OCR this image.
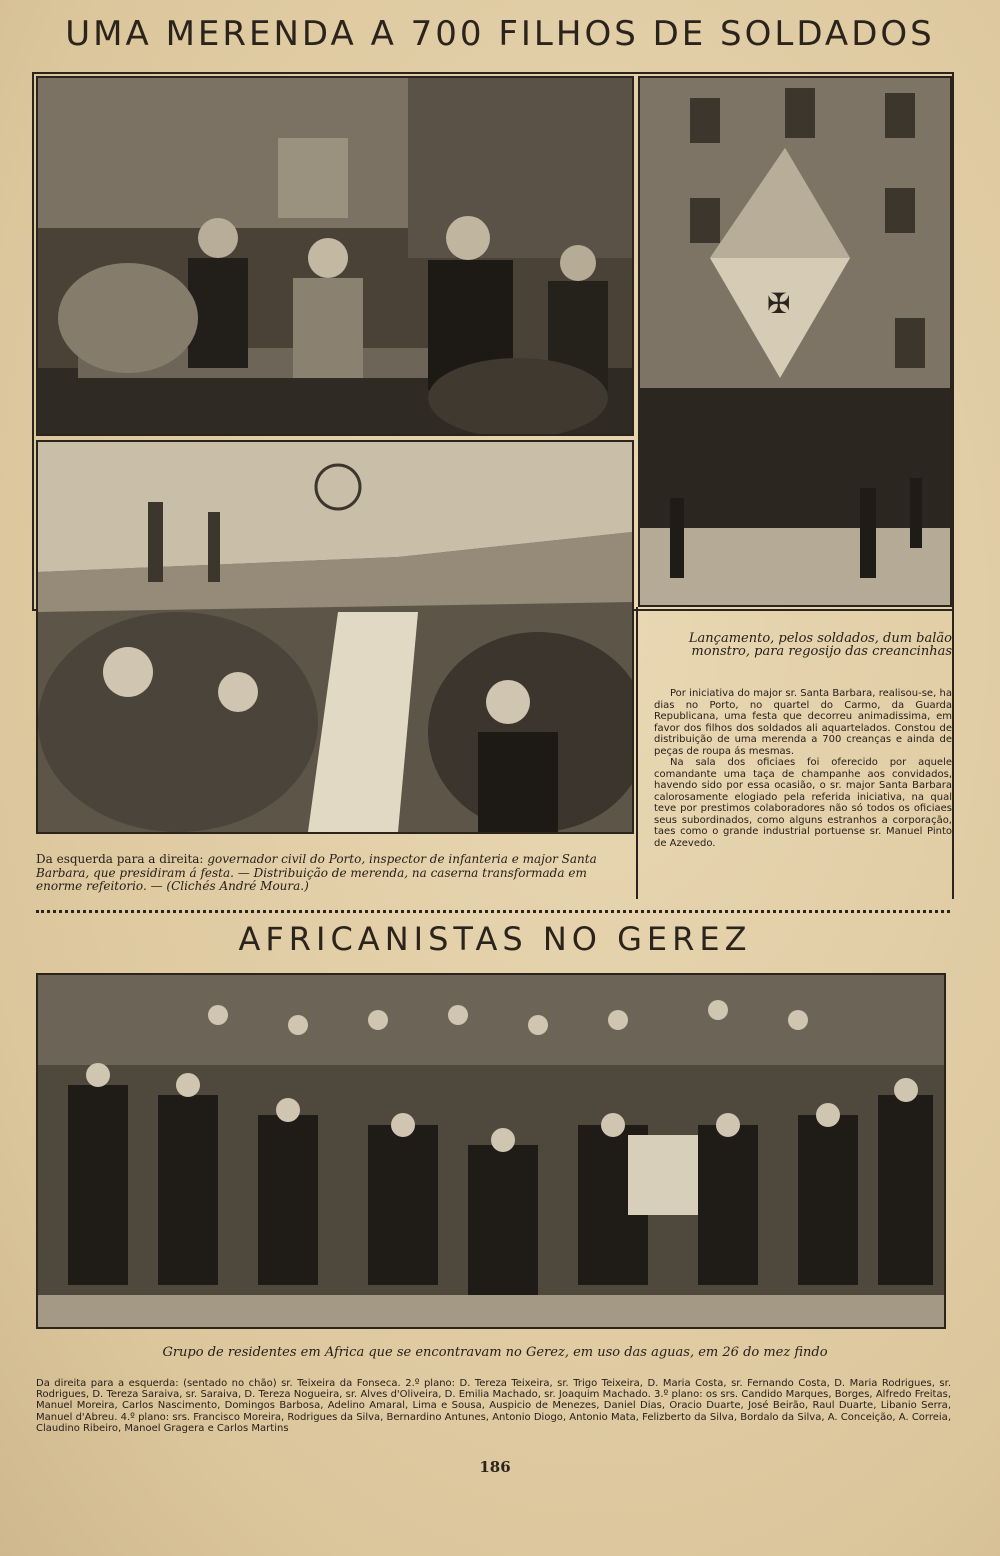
UMA MERENDA A 700 FILHOS DE SOLDADOS
✠
Lançamento, pelos soldados, dum balão monstro, para regosijo das creancinhas

Por iniciativa do major sr. Santa Barbara, realisou-se, ha dias no Porto, no quartel do Carmo, da Guarda Republicana, uma festa que decorreu animadissima, em favor dos filhos dos soldados ali aquartelados. Constou de distribuição de uma merenda a 700 creanças e ainda de peças de roupa ás mesmas.

Na sala dos oficiaes foi oferecido por aquele comandante uma taça de champanhe aos convidados, havendo sido por essa ocasião, o sr. major Santa Barbara calorosamente elogiado pela referida iniciativa, na qual teve por prestimos colaboradores não só todos os oficiaes seus subordinados, como alguns estranhos a corporação, taes como o grande industrial portuense sr. Manuel Pinto de Azevedo.

Da esquerda para a direita: governador civil do Porto, inspector de infanteria e major Santa Barbara, que presidiram á festa. — Distribuição de merenda, na caserna transformada em enorme refeitorio. — (Clichés André Moura.)
AFRICANISTAS NO GEREZ
Grupo de residentes em Africa que se encontravam no Gerez, em uso das aguas, em 26 do mez findo
Da direita para a esquerda: (sentado no chão) sr. Teixeira da Fonseca. 2.º plano: D. Tereza Teixeira, sr. Trigo Teixeira, D. Maria Costa, sr. Fernando Costa, D. Maria Rodrigues, sr. Rodrigues, D. Tereza Saraiva, sr. Saraiva, D. Tereza Nogueira, sr. Alves d'Oliveira, D. Emilia Machado, sr. Joaquim Machado. 3.º plano: os srs. Candido Marques, Borges, Alfredo Freitas, Manuel Moreira, Carlos Nascimento, Domingos Barbosa, Adelino Amaral, Lima e Sousa, Auspicio de Menezes, Daniel Dias, Oracio Duarte, José Beirão, Raul Duarte, Libanio Serra, Manuel d'Abreu. 4.º plano: srs. Francisco Moreira, Rodrigues da Silva, Bernardino Antunes, Antonio Diogo, Antonio Mata, Felizberto da Silva, Bordalo da Silva, A. Conceição, A. Correia, Claudino Ribeiro, Manoel Gragera e Carlos Martins
186
